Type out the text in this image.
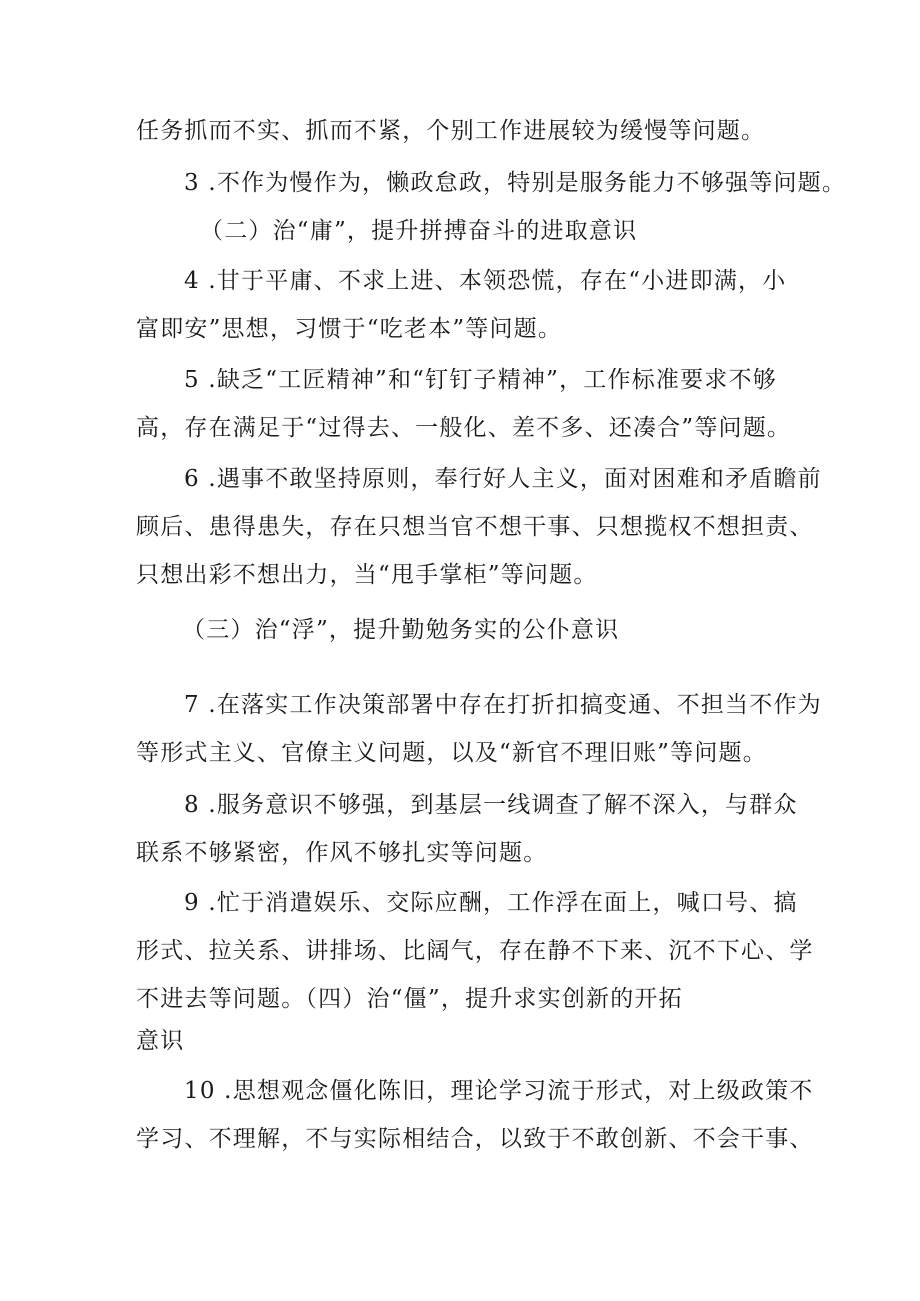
任务抓而不实、抓而不紧，个别工作进展较为缓慢等问题。
3 .不作为慢作为，懒政怠政，特别是服务能力不够强等问题。
（二）治“庸”，提升拼搏奋斗的进取意识
4 .甘于平庸、不求上进、本领恐慌，存在“小进即满，小
富即安”思想，习惯于“吃老本”等问题。
5 .缺乏“工匠精神”和“钉钉子精神”，工作标准要求不够
高，存在满足于“过得去、一般化、差不多、还凑合”等问题。
6 .遇事不敢坚持原则，奉行好人主义，面对困难和矛盾瞻前
顾后、患得患失，存在只想当官不想干事、只想揽权不想担责、
只想出彩不想出力，当“甩手掌柜”等问题。
（三）治“浮”，提升勤勉务实的公仆意识
7 .在落实工作决策部署中存在打折扣搞变通、不担当不作为
等形式主义、官僚主义问题，以及“新官不理旧账”等问题。
8 .服务意识不够强，到基层一线调查了解不深入，与群众
联系不够紧密，作风不够扎实等问题。
9 .忙于消遣娱乐、交际应酬，工作浮在面上，喊口号、搞
形式、拉关系、讲排场、比阔气，存在静不下来、沉不下心、学
不进去等问题。（四）治“僵”，提升求实创新的开拓
意识
10 .思想观念僵化陈旧，理论学习流于形式，对上级政策不
学习、不理解，不与实际相结合，以致于不敢创新、不会干事、
